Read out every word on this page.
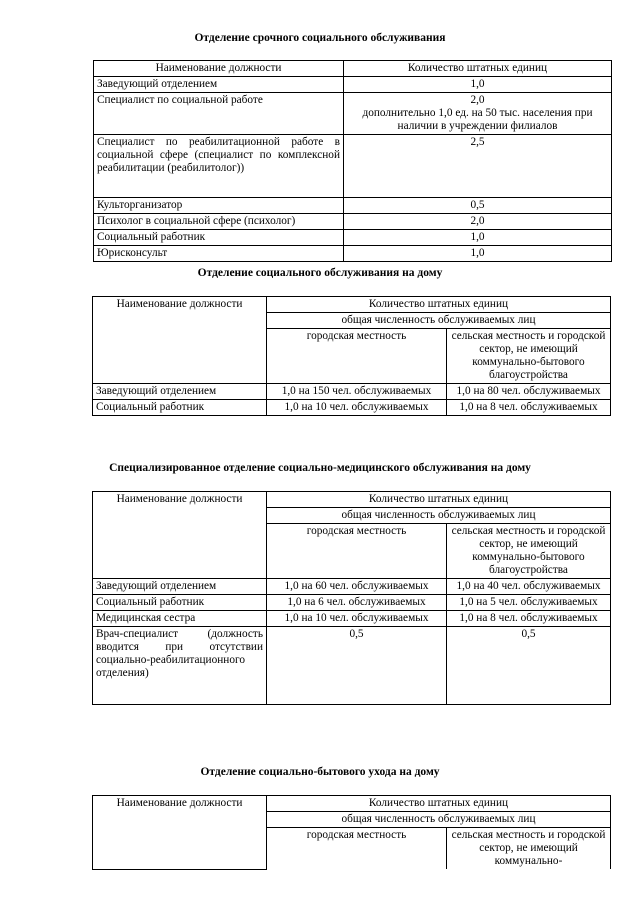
Отделение срочного социального обслуживания
Наименование должности	Количество штатных единиц
Заведующий отделением	1,0
Специалист по социальной работе	2,0
дополнительно 1,0 ед. на 50 тыс. населения при наличии в учреждении филиалов

Специалист по реабилитационной работе в социальной сфере (специалист по комплексной реабилитации (реабилитолог))	2,5
Культорганизатор	0,5
Психолог в социальной сфере (психолог)	2,0
Социальный работник	1,0
Юрисконсульт	1,0
Отделение социального обслуживания на дому
Наименование должности	Количество штатных единиц	
	общая численность обслуживаемых лиц	
	городская местность	сельская местность и городской сектор, не имеющий коммунально-бытового благоустройства
Заведующий отделением	1,0 на 150 чел. обслуживаемых	1,0 на 80 чел. обслуживаемых
Социальный работник	1,0 на 10 чел. обслуживаемых	1,0 на 8 чел. обслуживаемых
Специализированное отделение социально-медицинского обслуживания на дому
Наименование должности	Количество штатных единиц	
	общая численность обслуживаемых лиц	
	городская местность	сельская местность и городской сектор, не имеющий коммунально-бытового благоустройства
Заведующий отделением	1,0 на 60 чел. обслуживаемых	1,0 на 40 чел. обслуживаемых
Социальный работник	1,0 на 6 чел. обслуживаемых	1,0 на 5 чел. обслуживаемых
Медицинская сестра	1,0 на 10 чел. обслуживаемых	1,0 на 8 чел. обслуживаемых
Врач-специалист (должность вводится при отсутствии социально-реабилитационного отделения)	0,5	0,5
Отделение социально-бытового ухода на дому
Наименование должности	Количество штатных единиц	
	общая численность обслуживаемых лиц	
	городская местность	сельская местность и городской сектор, не имеющий коммунально-
